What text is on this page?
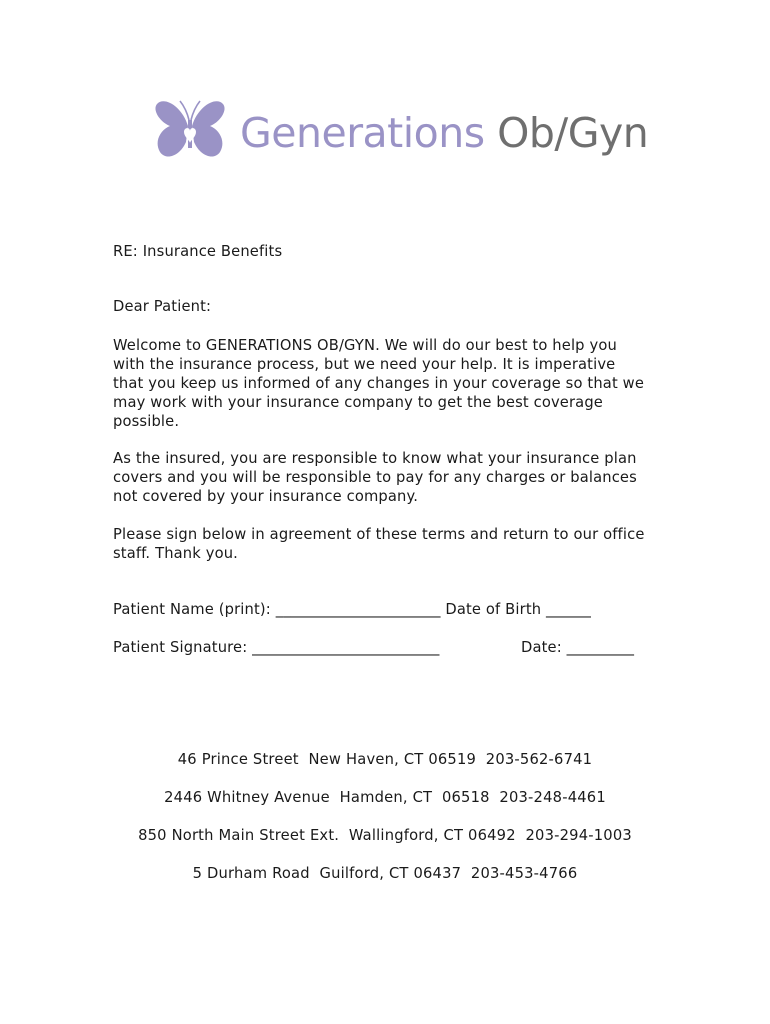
Generations Ob/Gyn
RE: Insurance Benefits
Dear Patient:
Welcome to GENERATIONS OB/GYN. We will do our best to help you
with the insurance process, but we need your help. It is imperative
that you keep us informed of any changes in your coverage so that we
may work with your insurance company to get the best coverage
possible.
As the insured, you are responsible to know what your insurance plan
covers and you will be responsible to pay for any charges or balances
not covered by your insurance company.
Please sign below in agreement of these terms and return to our office
staff. Thank you.
Patient Name (print): ______________________ Date of Birth ______
Patient Signature: _________________________	Date: _________
46 Prince Street  New Haven, CT 06519  203-562-6741
2446 Whitney Avenue  Hamden, CT  06518  203-248-4461
850 North Main Street Ext.  Wallingford, CT 06492  203-294-1003
5 Durham Road  Guilford, CT 06437  203-453-4766
